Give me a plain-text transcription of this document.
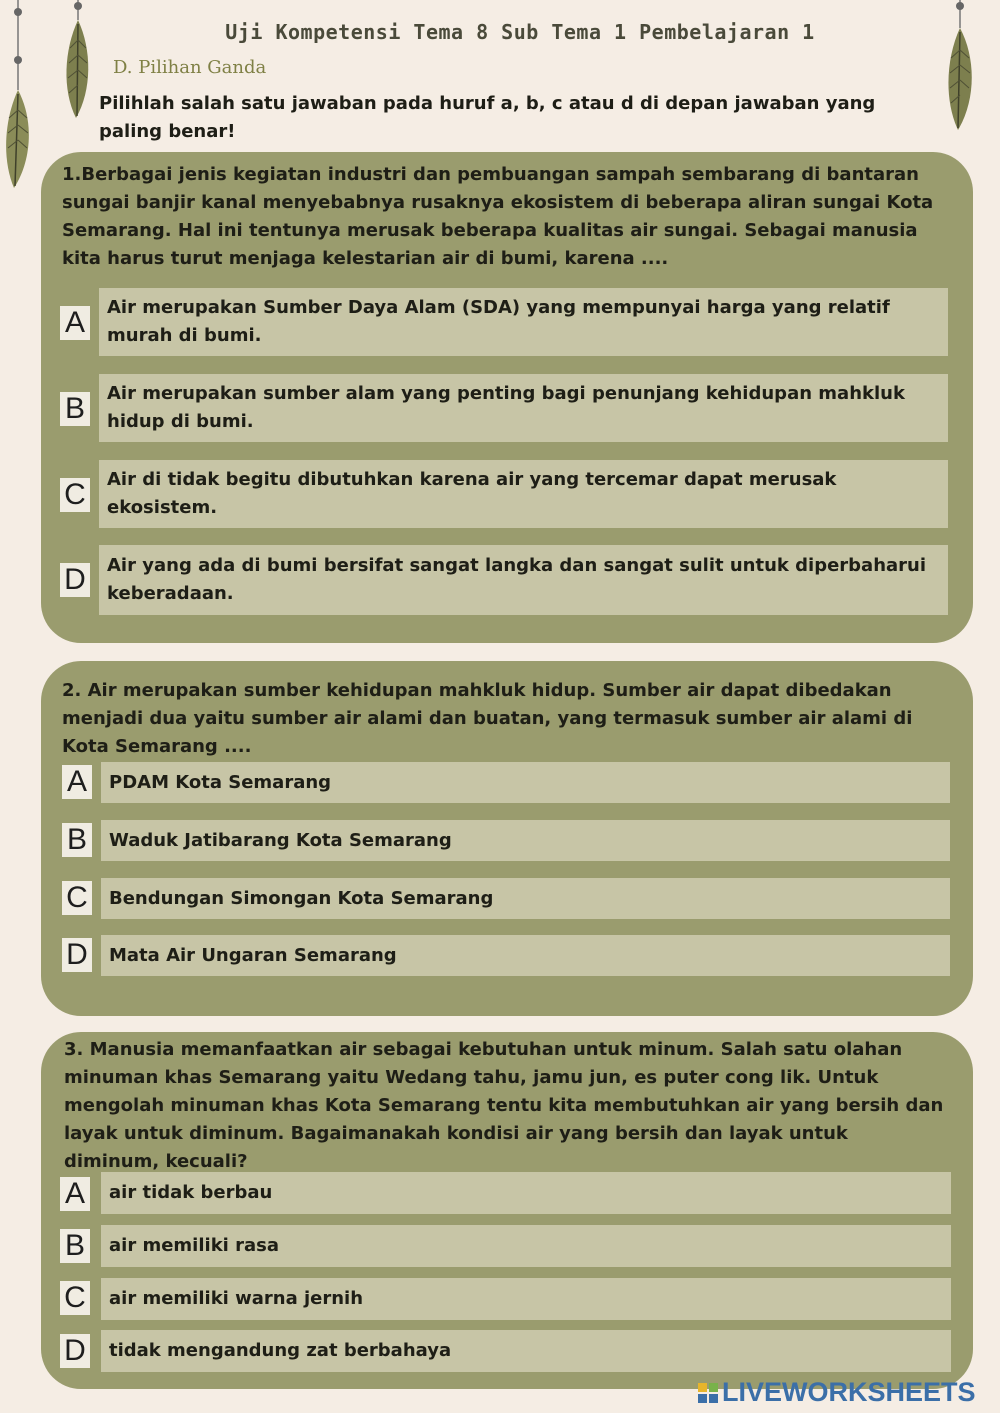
Uji Kompetensi Tema 8 Sub Tema 1 Pembelajaran 1
D. Pilihan Ganda
Pilihlah salah satu jawaban pada huruf a, b, c atau d di depan jawaban yang paling benar!
1.Berbagai jenis kegiatan industri dan pembuangan sampah sembarang di bantaran sungai banjir kanal menyebabnya rusaknya ekosistem di beberapa aliran sungai Kota Semarang. Hal ini tentunya merusak beberapa kualitas air sungai. Sebagai manusia kita harus turut menjaga kelestarian air di bumi, karena ....
A Air merupakan Sumber Daya Alam (SDA) yang mempunyai harga yang relatif murah di bumi.
B Air merupakan sumber alam yang penting bagi penunjang kehidupan mahkluk hidup di bumi.
C Air di tidak begitu dibutuhkan karena air yang tercemar dapat merusak ekosistem.
D Air yang ada di bumi bersifat sangat langka dan sangat sulit untuk diperbaharui keberadaan.
2. Air merupakan sumber kehidupan mahkluk hidup. Sumber air dapat dibedakan menjadi dua yaitu sumber air alami dan buatan, yang termasuk sumber air alami di Kota Semarang ....
A PDAM Kota Semarang
B Waduk Jatibarang Kota Semarang
C Bendungan Simongan Kota Semarang
D Mata Air Ungaran Semarang
3. Manusia memanfaatkan air sebagai kebutuhan untuk minum. Salah satu olahan minuman khas Semarang yaitu Wedang tahu, jamu jun, es puter cong lik. Untuk mengolah minuman khas Kota Semarang tentu kita membutuhkan air yang bersih dan layak untuk diminum. Bagaimanakah kondisi air yang bersih dan layak untuk diminum, kecuali?
A air tidak berbau
B air memiliki rasa
C air memiliki warna jernih
D tidak mengandung zat berbahaya
LIVEWORKSHEETS
